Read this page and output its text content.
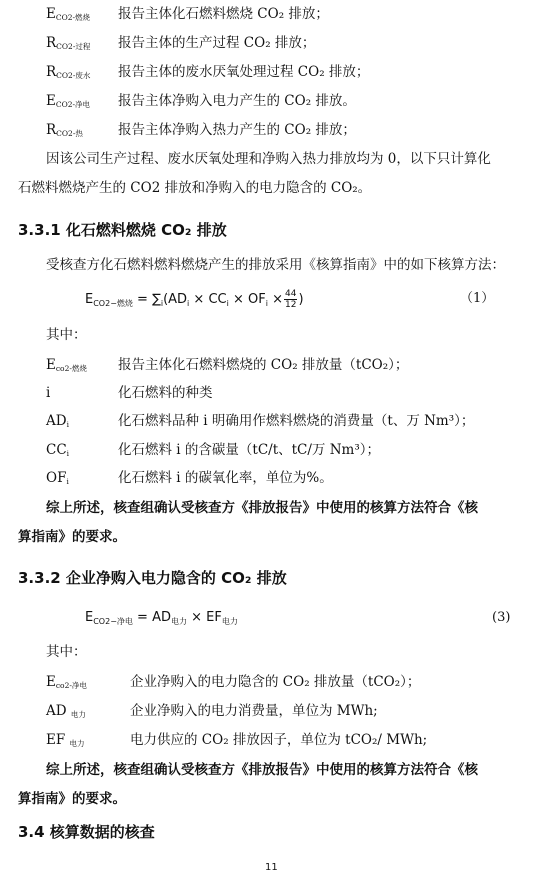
$E_{CO2-燃烧}$ 报告主体化石燃料燃烧 CO₂ 排放；
$R_{CO2-过程}$ 报告主体的生产过程 CO₂ 排放；
$R_{CO2-废水}$ 报告主体的废水厌氧处理过程 CO₂ 排放；
$E_{CO2-净电}$ 报告主体净购入电力产生的 CO₂ 排放。
$R_{CO2-热}$	报告主体净购入热力产生的 CO₂ 排放；
因该公司生产过程、废水厌氧处理和净购入热力排放均为 0，以下只计算化
石燃料燃烧产生的 CO2 排放和净购入的电力隐含的 CO₂。
3.3.1 化石燃料燃烧 CO₂ 排放
受核查方化石燃料燃料燃烧产生的排放采用《核算指南》中的如下核算方法：
$E_{CO2-燃烧} = \sum_i(AD_i \times CC_i \times OF_i \times \frac{44}{12}$ )	（1）
其中：
$E_{co2-燃烧}$ 报告主体化石燃料燃烧的 CO₂ 排放量（tCO₂）；
i	化石燃料的种类
$AD_i$	化石燃料品种 i 明确用作燃料燃烧的消费量（t、万 Nm³）；
$CC_i$	化石燃料 i 的含碳量（tC/t、tC/万 Nm³）；
$OF_i$	化石燃料 i 的碳氧化率，单位为%。
综上所述，核查组确认受核查方《排放报告》中使用的核算方法符合《核
算指南》的要求。
3.3.2 企业净购入电力隐含的 CO₂ 排放
$E_{CO2-净电} = AD_{电力} \times EF_{电力}$	(3)
其中：
$E_{co2-净电}$	企业净购入的电力隐含的 CO₂ 排放量（tCO₂）；
AD $_{电力}$	企业净购入的电力消费量，单位为 MWh;
EF $_{电力}$	电力供应的 CO₂ 排放因子，单位为 tCO₂/ MWh;
综上所述，核查组确认受核查方《排放报告》中使用的核算方法符合《核
算指南》的要求。
3.4 核算数据的核查
11
